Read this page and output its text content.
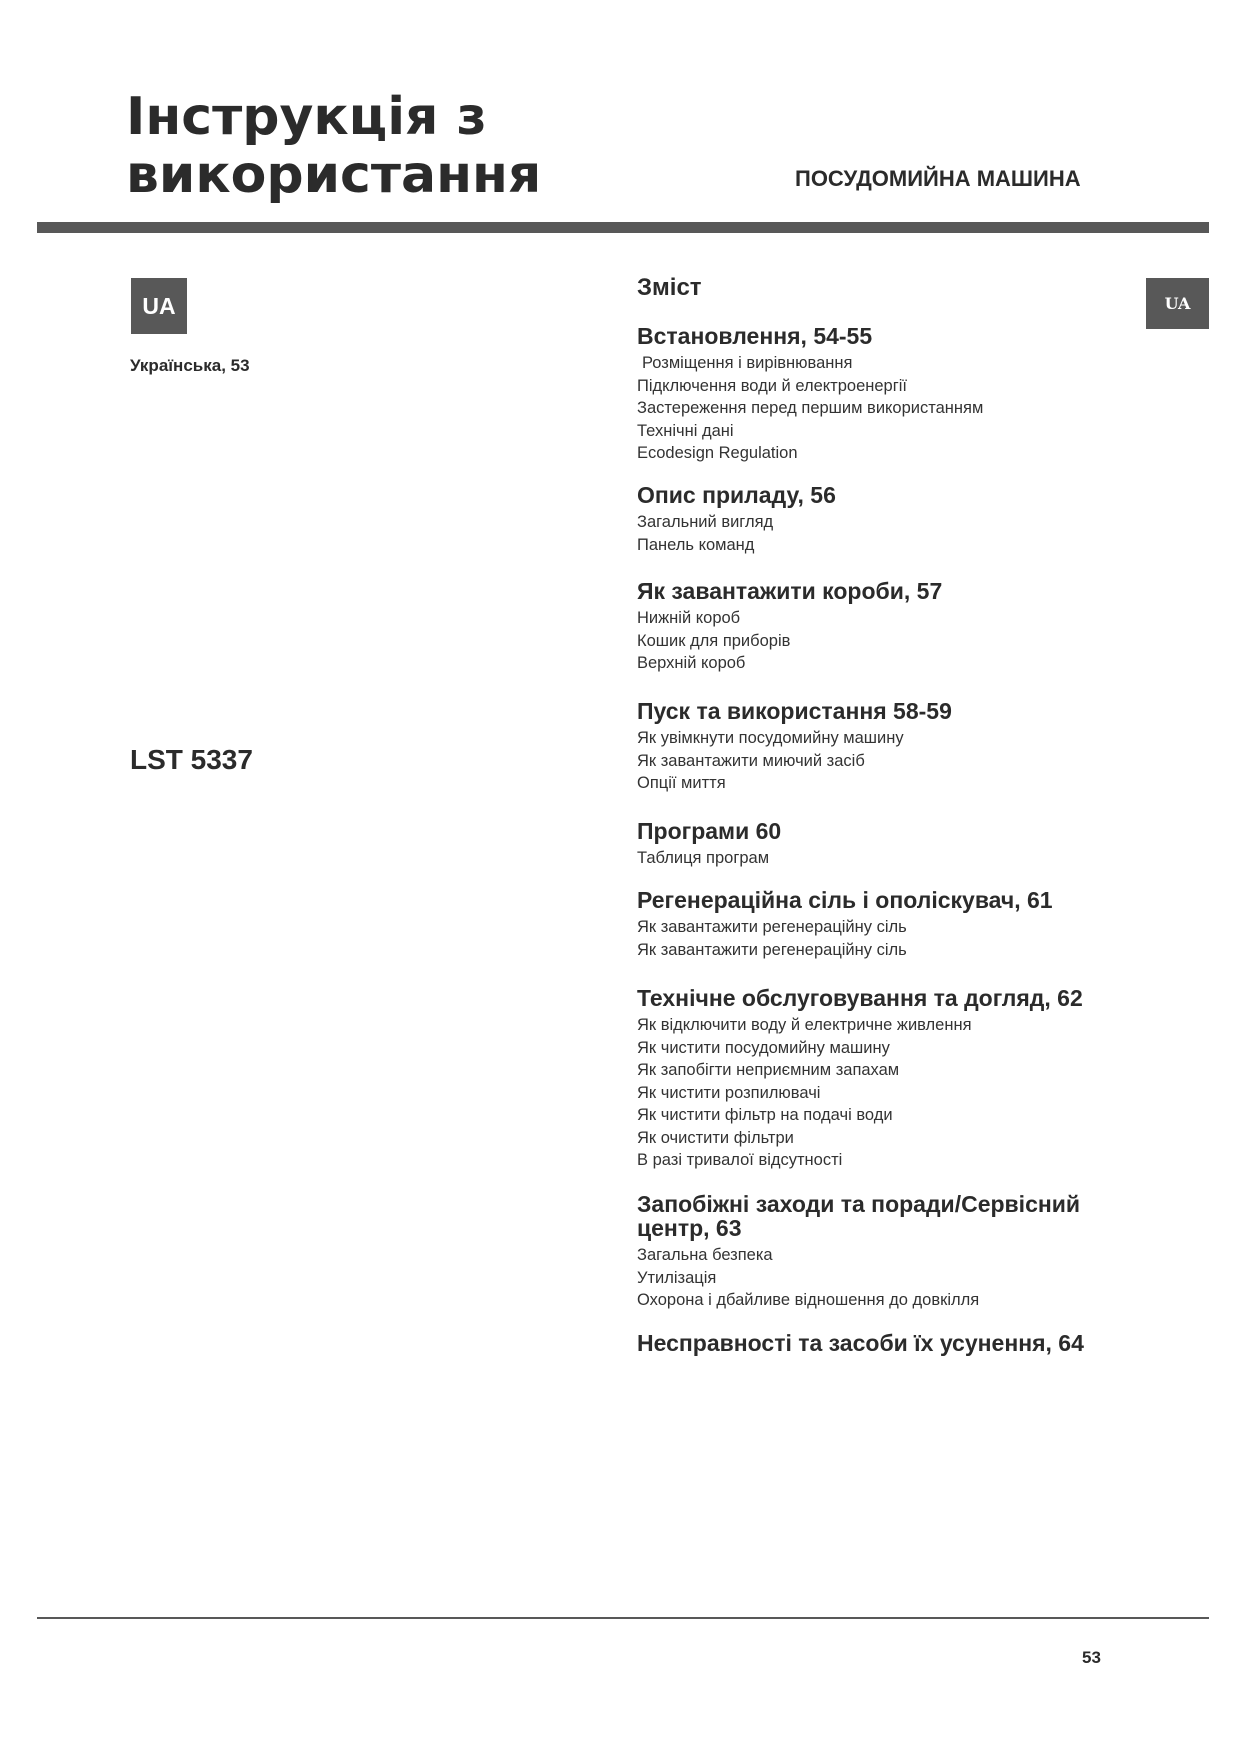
Інструкція з
використання	ПОСУДОМИЙНА МАШИНА
UA	UA
Українська, 53
LST 5337
Зміст
Встановлення, 54-55
Розміщення і вирівнювання
Підключення води й електроенергії
Застереження перед першим використанням
Технічні дані
Ecodesign Regulation
Опис приладу, 56
Загальний вигляд
Панель команд
Як завантажити короби, 57
Нижній короб
Кошик для приборів
Верхній короб
Пуск та використання 58-59
Як увімкнути посудомийну машину
Як завантажити миючий засіб
Опції миття
Програми 60
Таблиця програм
Регенераційна сіль і ополіскувач, 61
Як завантажити регенераційну сіль
Як завантажити регенераційну сіль
Технічне обслуговування та догляд, 62
Як відключити воду й електричне живлення
Як чистити посудомийну машину
Як запобігти неприємним запахам
Як чистити розпилювачі
Як чистити фільтр на подачі води
Як очистити фільтри
В разі тривалої відсутності
Запобіжні заходи та поради/Сервісний
центр, 63
Загальна безпека
Утилізація
Охорона і дбайливе відношення до довкілля
Несправності та засоби їх усунення, 64
53
